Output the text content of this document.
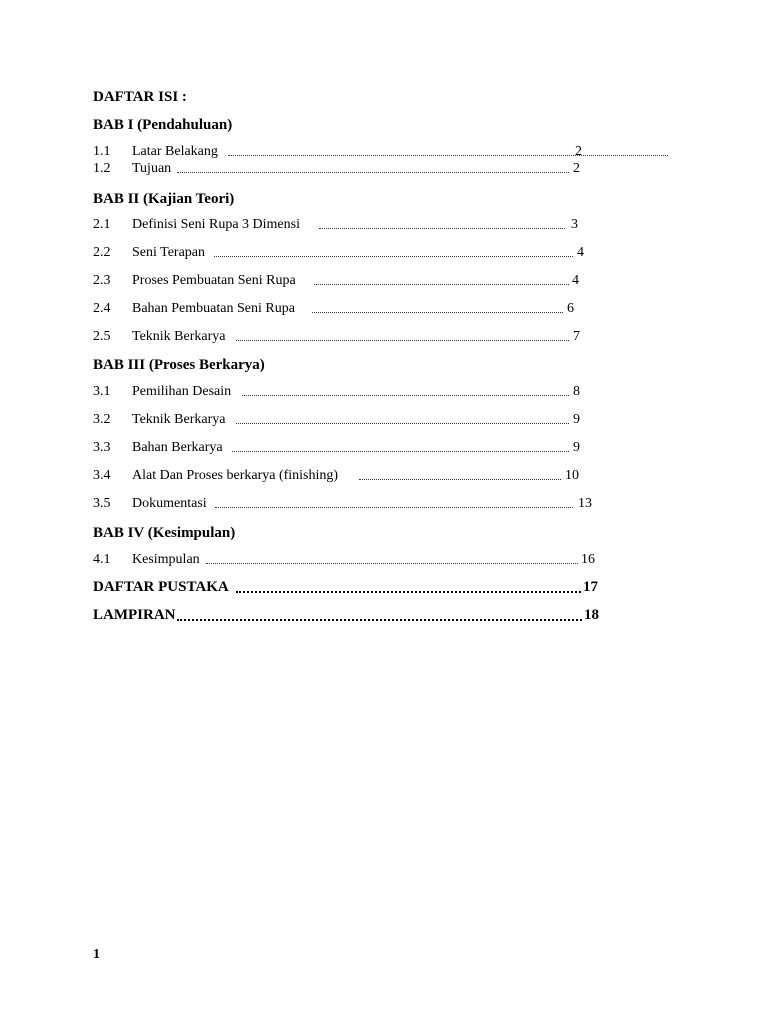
DAFTAR ISI :
BAB I (Pendahuluan)
1.1 Latar Belakang	2
1.2 Tujuan	2
BAB II (Kajian Teori)
2.1 Definisi Seni Rupa 3 Dimensi	3
2.2 Seni Terapan	4
2.3 Proses Pembuatan Seni Rupa	4
2.4 Bahan Pembuatan Seni Rupa	6
2.5 Teknik Berkarya	7
BAB III (Proses Berkarya)
3.1 Pemilihan Desain	8
3.2 Teknik Berkarya	9
3.3 Bahan Berkarya	9
3.4 Alat Dan Proses berkarya (finishing)	10
3.5 Dokumentasi	13
BAB IV (Kesimpulan)
4.1 Kesimpulan	16
DAFTAR PUSTAKA	17
LAMPIRAN	18
1
